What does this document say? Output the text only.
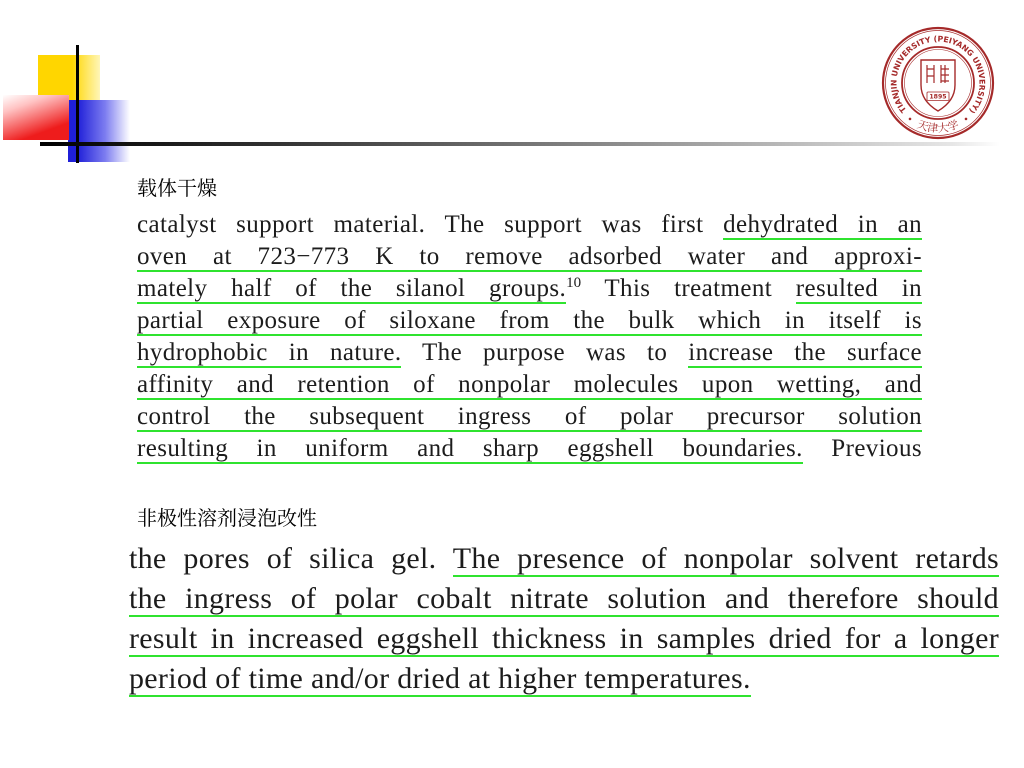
TIANJIN UNIVERSITY (PEIYANG UNIVERSITY)
天津大学
1895
载体干燥
catalyst support material. The support was first dehydrated in an
oven at 723−773 K to remove adsorbed water and approxi-
mately half of the silanol groups.$^{10}$ This treatment resulted in
partial exposure of siloxane from the bulk which in itself is
hydrophobic in nature. The purpose was to increase the surface
affinity and retention of nonpolar molecules upon wetting, and
control the subsequent ingress of polar precursor solution
resulting in uniform and sharp eggshell boundaries. Previous
非极性溶剂浸泡改性
the pores of silica gel. The presence of nonpolar solvent retards
the ingress of polar cobalt nitrate solution and therefore should
result in increased eggshell thickness in samples dried for a longer
period of time and/or dried at higher temperatures.
